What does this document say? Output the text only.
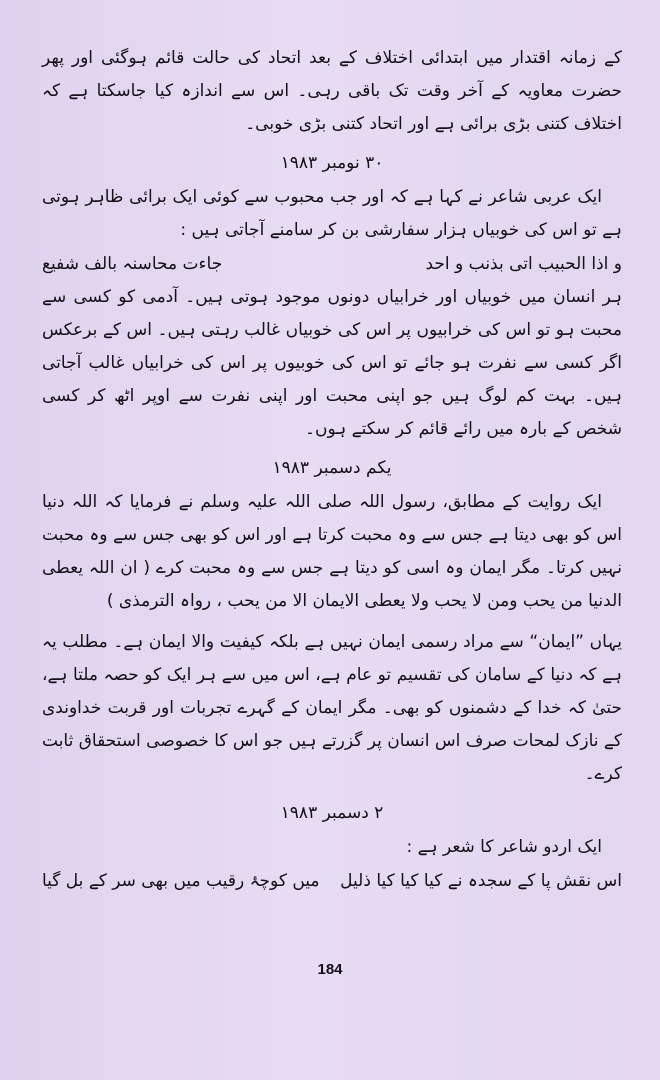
کے زمانہ اقتدار میں ابتدائی اختلاف کے بعد اتحاد کی حالت قائم ہوگئی اور پھر حضرت معاویہ کے آخر وقت تک باقی رہی۔ اس سے اندازہ کیا جاسکتا ہے کہ اختلاف کتنی بڑی برائی ہے اور اتحاد کتنی بڑی خوبی۔

۳۰ نومبر ۱۹۸۳

ایک عربی شاعر نے کہا ہے کہ اور جب محبوب سے کوئی ایک برائی ظاہر ہوتی ہے تو اس کی خوبیاں ہزار سفارشی بن کر سامنے آجاتی ہیں :

و اذا الحبیب اتی بذنب و احد
جاءت محاسنہ بالف شفیع

ہر انسان میں خوبیاں اور خرابیاں دونوں موجود ہوتی ہیں۔ آدمی کو کسی سے محبت ہو تو اس کی خرابیوں پر اس کی خوبیاں غالب رہتی ہیں۔ اس کے برعکس اگر کسی سے نفرت ہو جائے تو اس کی خوبیوں پر اس کی خرابیاں غالب آجاتی ہیں۔ بہت کم لوگ ہیں جو اپنی محبت اور اپنی نفرت سے اوپر اٹھ کر کسی شخص کے بارہ میں رائے قائم کر سکتے ہوں۔

یکم دسمبر ۱۹۸۳

ایک روایت کے مطابق، رسول اللہ صلی اللہ علیہ وسلم نے فرمایا کہ اللہ دنیا اس کو بھی دیتا ہے جس سے وہ محبت کرتا ہے اور اس کو بھی جس سے وہ محبت نہیں کرتا۔ مگر ایمان وہ اسی کو دیتا ہے جس سے وہ محبت کرے ( ان اللہ یعطی الدنیا من یحب ومن لا یحب ولا یعطی الایمان الا من یحب ، رواہ الترمذی )

یہاں ”ایمان“ سے مراد رسمی ایمان نہیں ہے بلکہ کیفیت والا ایمان ہے۔ مطلب یہ ہے کہ دنیا کے سامان کی تقسیم تو عام ہے، اس میں سے ہر ایک کو حصہ ملتا ہے، حتیٰ کہ خدا کے دشمنوں کو بھی۔ مگر ایمان کے گہرے تجربات اور قربت خداوندی کے نازک لمحات صرف اس انسان پر گزرتے ہیں جو اس کا خصوصی استحقاق ثابت کرے۔

۲ دسمبر ۱۹۸۳

ایک اردو شاعر کا شعر ہے :

اس نقش پا کے سجدہ نے کیا کیا کیا ذلیل
میں کوچۂ رقیب میں بھی سر کے بل گیا
184
